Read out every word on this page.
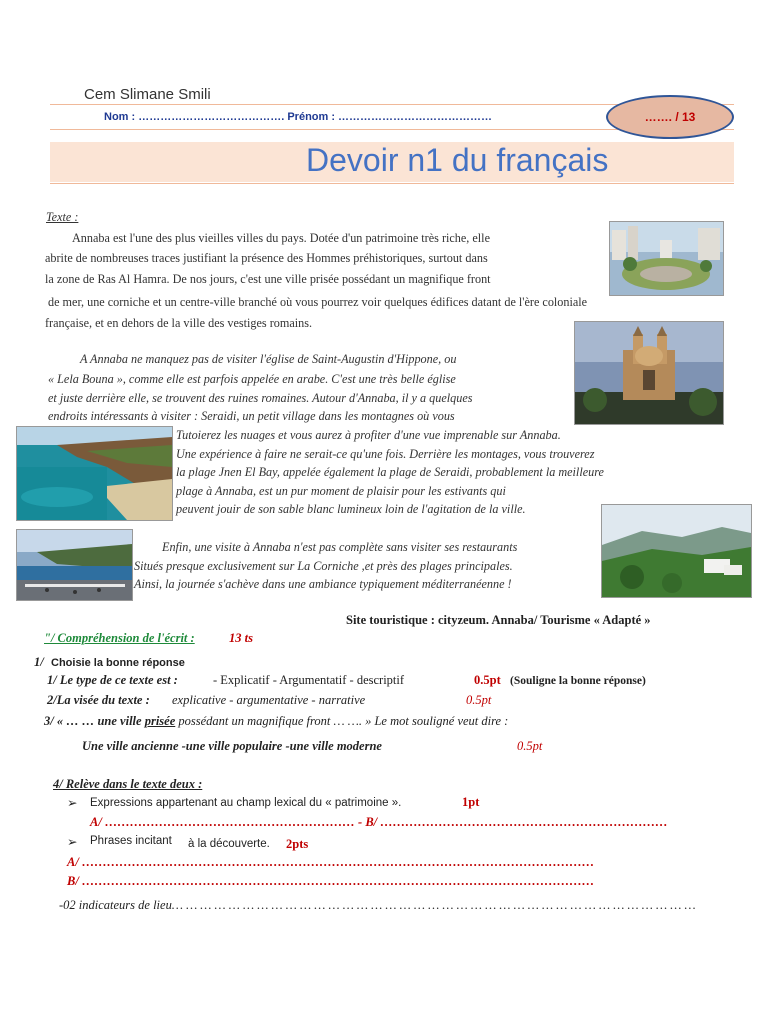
Cem Slimane Smili
Nom : …………………………………. Prénom : ……………………………………	……. / 13
Devoir n1 du français
Texte :
Annaba est l'une des plus vieilles villes du pays. Dotée d'un patrimoine très riche, elle
abrite de nombreuses traces justifiant la présence des Hommes préhistoriques, surtout dans
la zone de Ras Al Hamra. De nos jours, c'est une ville prisée possédant un magnifique front
de mer, une corniche et un centre-ville branché où vous pourrez voir quelques édifices datant de l'ère coloniale
française, et en dehors de la ville des vestiges romains.
A Annaba ne manquez pas de visiter l'église de Saint-Augustin d'Hippone, ou
« Lela Bouna », comme elle est parfois appelée en arabe. C'est une très belle église
et juste derrière elle, se trouvent des ruines romaines. Autour d'Annaba, il y a quelques
endroits intéressants à visiter : Seraidi, un petit village dans les montagnes où vous
Tutoierez les nuages et vous aurez à profiter d'une vue imprenable sur Annaba.
Une expérience à faire ne serait-ce qu'une fois. Derrière les montages, vous trouverez
la plage Jnen El Bay, appelée également la plage de Seraidi, probablement la meilleure
plage à Annaba, est un pur moment de plaisir pour les estivants qui
peuvent jouir de son sable blanc lumineux loin de l'agitation de la ville.
Enfin, une visite à Annaba n'est pas complète sans visiter ses restaurants
Situés presque exclusivement sur La Corniche ,et près des plages principales.
Ainsi, la journée s'achève dans une ambiance typiquement méditerranéenne !
Site touristique : cityzeum. Annaba/ Tourisme « Adapté »
"/ Compréhension de l'écrit :	13 ts
1/ Choisie la bonne réponse
1/ Le type de ce texte est :	- Explicatif - Argumentatif - descriptif	0.5pt (Souligne la bonne réponse)
2/La visée du texte : explicative - argumentative - narrative	0.5pt
3/ « … … une ville prisée possédant un magnifique front … …. » Le mot souligné veut dire :
Une ville ancienne -une ville populaire -une ville moderne	0.5pt
4/ Relève dans le texte deux :
➢ Expressions appartenant au champ lexical du « patrimoine ».	1pt
A/ …………………………………………………… - B/ ……………………………………………………………
➢ Phrases incitant à la découverte. 2pts
A/ ……………………………………………………………………………………………………………
B/ ……………………………………………………………………………………………………………
-02 indicateurs de lieu… … … … … … … … … … … … … … … … … … … … … … … … … … … … … … … … … … … … …
